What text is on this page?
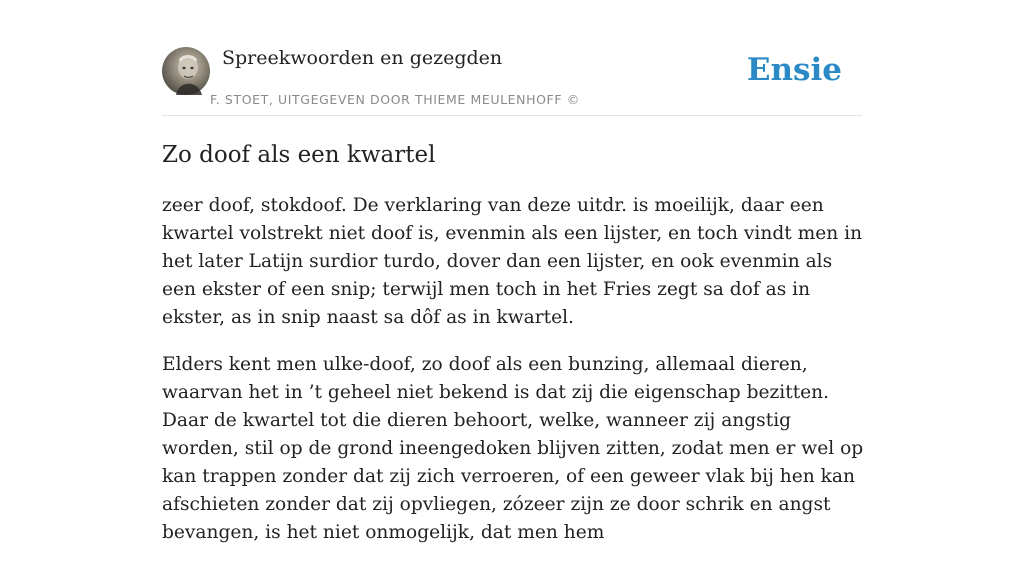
Spreekwoorden en gezegden
F. STOET, UITGEGEVEN DOOR THIEME MEULENHOFF ©
Ensie
Zo doof als een kwartel

zeer doof, stokdoof. De verklaring van deze uitdr. is moeilijk, daar een kwartel volstrekt niet doof is, evenmin als een lijster, en toch vindt men in het later Latijn surdior turdo, dover dan een lijster, en ook evenmin als een ekster of een snip; terwijl men toch in het Fries zegt sa dof as in ekster, as in snip naast sa dôf as in kwartel.

Elders kent men ulke-doof, zo doof als een bunzing, allemaal dieren, waarvan het in ’t geheel niet bekend is dat zij die eigenschap bezitten. Daar de kwartel tot die dieren behoort, welke, wanneer zij angstig worden, stil op de grond ineengedoken blijven zitten, zodat men er wel op kan trappen zonder dat zij zich verroeren, of een geweer vlak bij hen kan afschieten zonder dat zij opvliegen, zózeer zijn ze door schrik en angst bevangen, is het niet onmogelijk, dat men hem
